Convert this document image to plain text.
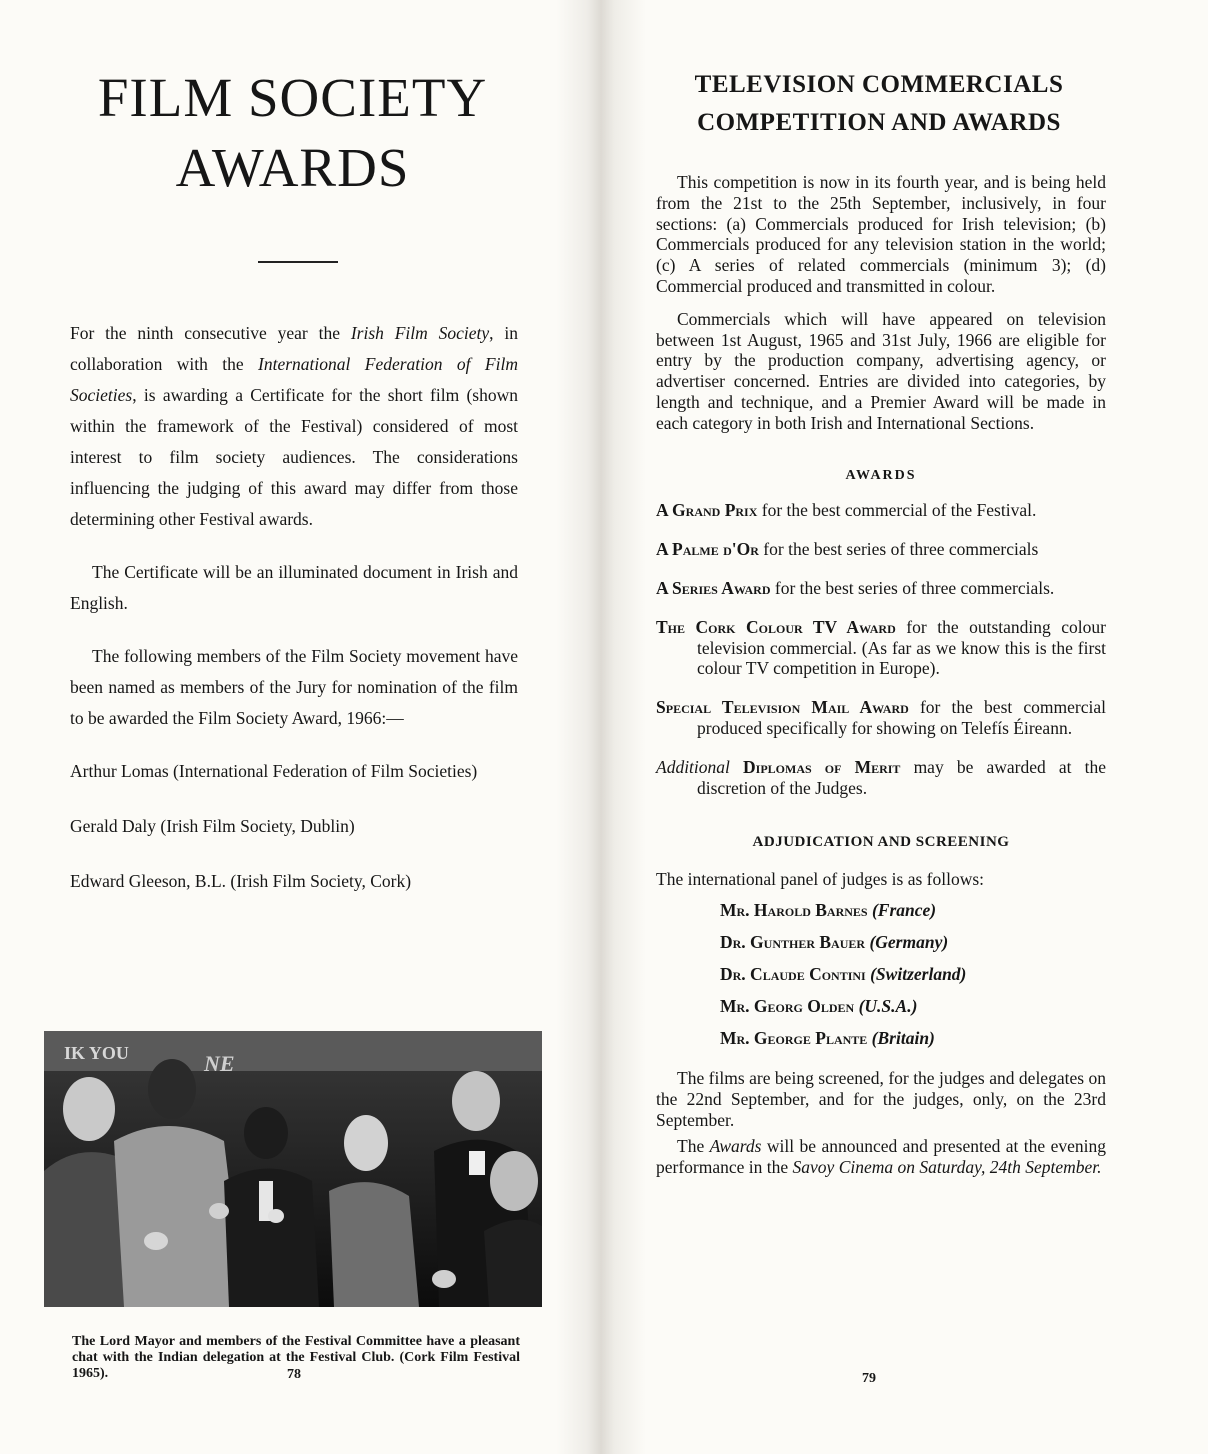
FILM SOCIETY
AWARDS

For the ninth consecutive year the Irish Film Society, in collaboration with the International Federation of Film Societies, is awarding a Certificate for the short film (shown within the framework of the Festival) considered of most interest to film society audiences. The considerations influencing the judging of this award may differ from those determining other Festival awards.

The Certificate will be an illuminated document in Irish and English.

The following members of the Film Society movement have been named as members of the Jury for nomination of the film to be awarded the Film Society Award, 1966:—

Arthur Lomas (International Federation of Film Societies)

Gerald Daly (Irish Film Society, Dublin)

Edward Gleeson, B.L. (Irish Film Society, Cork)

IK YOU	NE

The Lord Mayor and members of the Festival Committee have a pleasant chat with the Indian delegation at the Festival Club. (Cork Film Festival 1965).	78
TELEVISION COMMERCIALS
COMPETITION AND AWARDS

This competition is now in its fourth year, and is being held from the 21st to the 25th September, inclusively, in four sections: (a) Commercials produced for Irish television; (b) Commercials produced for any television station in the world; (c) A series of related commercials (minimum 3); (d) Commercial produced and transmitted in colour.

Commercials which will have appeared on television between 1st August, 1965 and 31st July, 1966 are eligible for entry by the production company, advertising agency, or advertiser concerned. Entries are divided into categories, by length and technique, and a Premier Award will be made in each category in both Irish and International Sections.

AWARDS

A Grand Prix for the best commercial of the Festival.

A Palme d'Or for the best series of three commercials

A Series Award for the best series of three commercials.

The Cork Colour TV Award for the outstanding colour television commercial. (As far as we know this is the first colour TV competition in Europe).

Special Television Mail Award for the best commercial produced specifically for showing on Telefís Éireann.

Additional Diplomas of Merit may be awarded at the discretion of the Judges.

ADJUDICATION AND SCREENING

The international panel of judges is as follows:

Mr. Harold Barnes (France)
Dr. Gunther Bauer (Germany)
Dr. Claude Contini (Switzerland)
Mr. Georg Olden (U.S.A.)
Mr. George Plante (Britain)

The films are being screened, for the judges and delegates on the 22nd September, and for the judges, only, on the 23rd September.

The Awards will be announced and presented at the evening performance in the Savoy Cinema on Saturday, 24th September.

79
